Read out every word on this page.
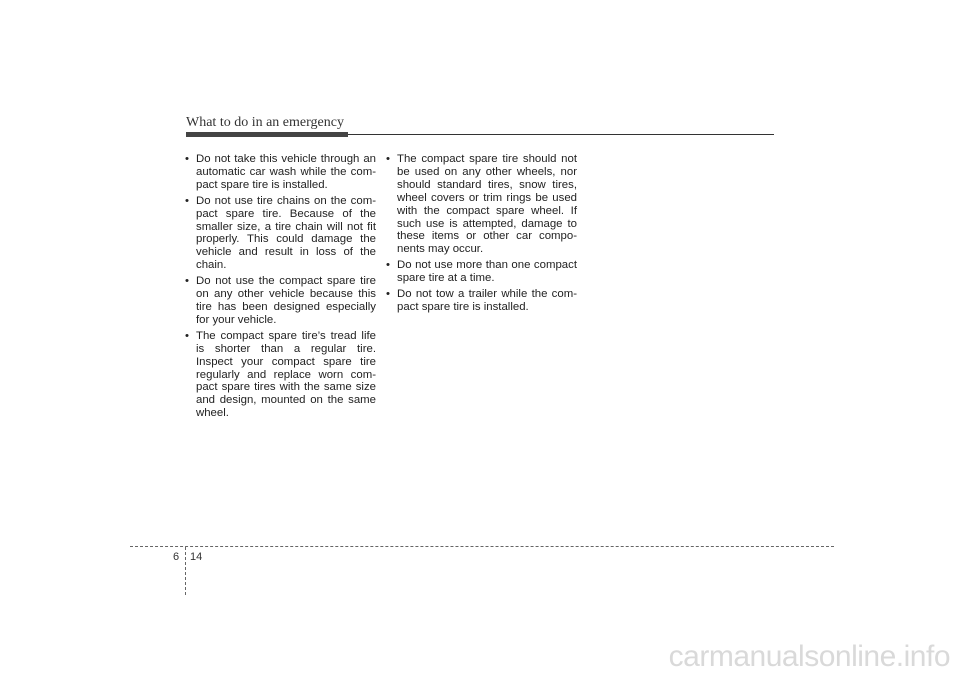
What to do in an emergency
• Do not take this vehicle through an automatic car wash while the com-pact spare tire is installed.
• Do not use tire chains on the com-pact spare tire. Because of the smaller size, a tire chain will not fit properly. This could damage the vehicle and result in loss of the chain.
• Do not use the compact spare tire on any other vehicle because this tire has been designed especially for your vehicle.
• The compact spare tire’s tread life is shorter than a regular tire. Inspect your compact spare tire regularly and replace worn com-pact spare tires with the same size and design, mounted on the same wheel.
• The compact spare tire should not be used on any other wheels, nor should standard tires, snow tires, wheel covers or trim rings be used with the compact spare wheel. If such use is attempted, damage to these items or other car compo-nents may occur.
• Do not use more than one compact spare tire at a time.
• Do not tow a trailer while the com-pact spare tire is installed.
6 14
carmanualsonline.info
